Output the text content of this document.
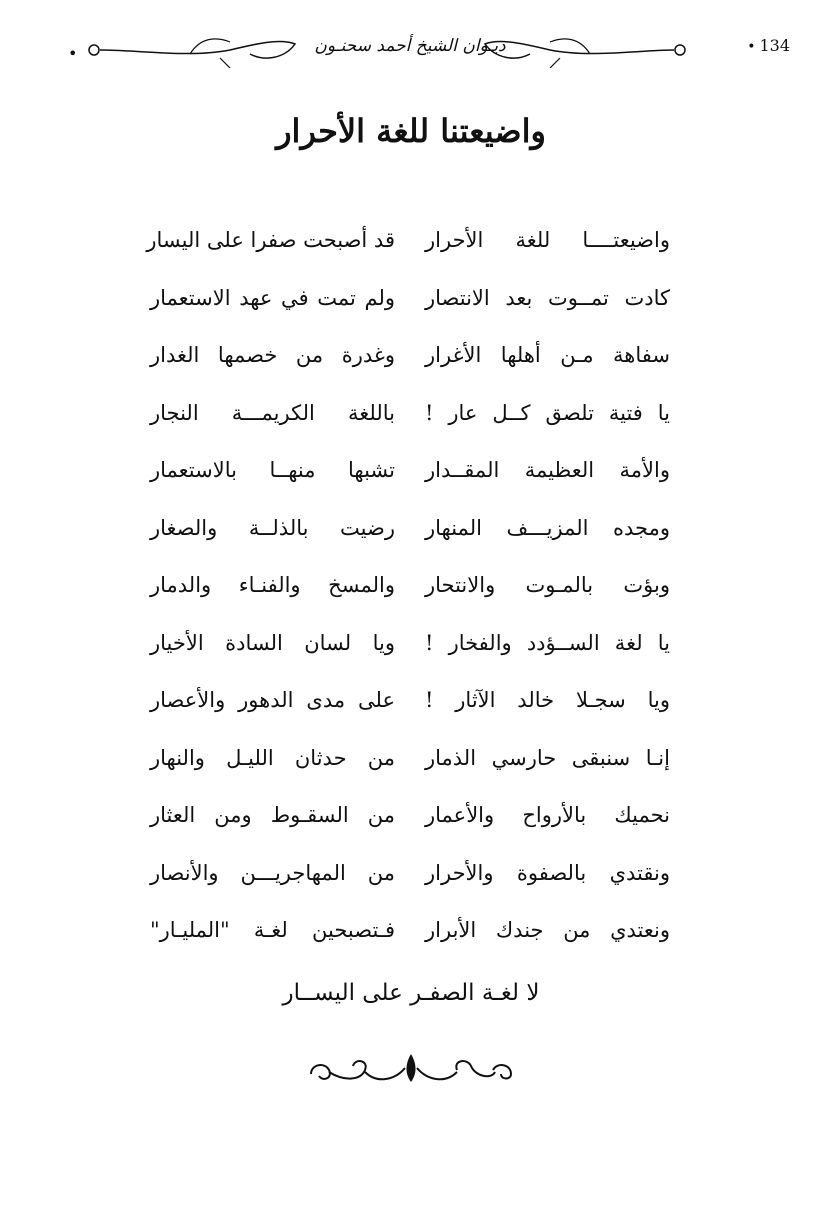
•	ديـوان الشيخ أحمد سحنـون	• 134
واضيعتنا للغة الأحرار
واضيعتــــا للغة الأحرار
قد أصبحت صفرا على اليسار
كادت تمــوت بعد الانتصار
ولم تمت في عهد الاستعمار
سفاهة مـن أهلها الأغرار
وغدرة من خصمها الغدار
يا فتية تلصق كــل عار !
باللغة الكريمـــة النجار
والأمة العظيمة المقــدار
تشبها منهــا بالاستعمار
ومجده المزيـــف المنهار
رضيت بالذلــة والصغار
وبؤت بالمـوت والانتحار
والمسخ والفنـاء والدمار
يا لغة الســؤدد والفخار !
ويا لسان السادة الأخيار
ويا سجـلا خالد الآثار !
على مدى الدهور والأعصار
إنـا سنبقى حارسي الذمار
من حدثان الليـل والنهار
نحميك بالأرواح والأعمار
من السقـوط ومن العثار
ونقتدي بالصفوة والأحرار
من المهاجريـــن والأنصار
ونعتدي من جندك الأبرار
فـتصبحين لغـة "المليـار"
لا لغـة الصفـر على اليســار
